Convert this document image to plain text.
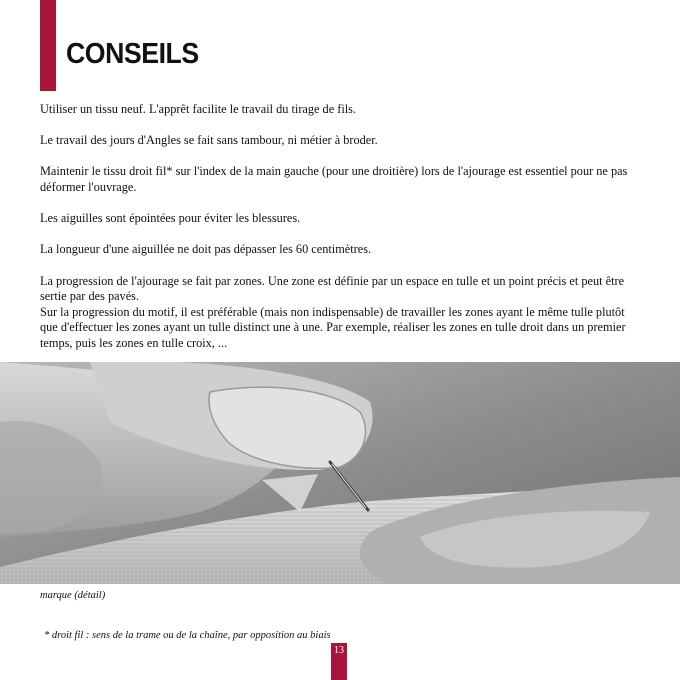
CONSEILS

Utiliser un tissu neuf. L'apprêt facilite le travail du tirage de fils.

Le travail des jours d'Angles se fait sans tambour, ni métier à broder.

Maintenir le tissu droit fil* sur l'index de la main gauche (pour une droitière) lors de l'ajourage est essentiel pour ne pas déformer l'ouvrage.

Les aiguilles sont épointées pour éviter les blessures.

La longueur d'une aiguillée ne doit pas dépasser les 60 centimètres.

La progression de l'ajourage se fait par zones. Une zone est définie par un espace en tulle et un point précis et peut être sertie par des pavés.

Sur la progression du motif, il est préférable (mais non indispensable) de travailler les zones ayant le même tulle plutôt que d'effectuer les zones ayant un tulle distinct une à une. Par exemple, réaliser les zones en tulle droit dans un premier temps, puis les zones en tulle croix, ...

marque (détail)
* droit fil : sens de la trame ou de la chaîne, par opposition au biais
13
